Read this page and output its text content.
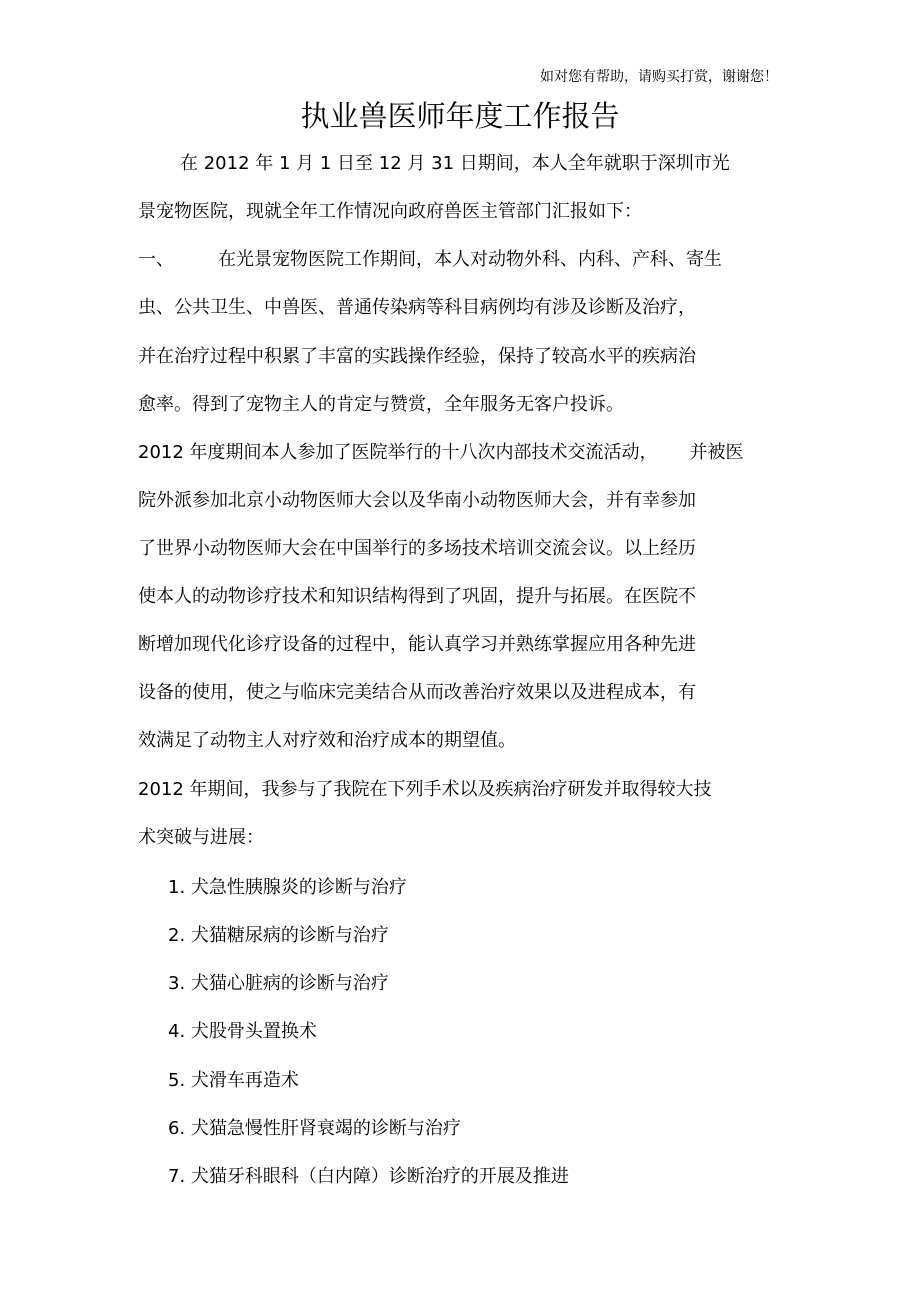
如对您有帮助，请购买打赏，谢谢您！
执业兽医师年度工作报告

在 2012 年 1 月 1 日至 12 月 31 日期间，本人全年就职于深圳市光

景宠物医院，现就全年工作情况向政府兽医主管部门汇报如下：

一、 在光景宠物医院工作期间，本人对动物外科、内科、产科、寄生

虫、公共卫生、中兽医、普通传染病等科目病例均有涉及诊断及治疗，

并在治疗过程中积累了丰富的实践操作经验，保持了较高水平的疾病治

愈率。得到了宠物主人的肯定与赞赏，全年服务无客户投诉。

2012 年度期间本人参加了医院举行的十八次内部技术交流活动， 并被医

院外派参加北京小动物医师大会以及华南小动物医师大会，并有幸参加

了世界小动物医师大会在中国举行的多场技术培训交流会议。以上经历

使本人的动物诊疗技术和知识结构得到了巩固，提升与拓展。在医院不

断增加现代化诊疗设备的过程中，能认真学习并熟练掌握应用各种先进

设备的使用，使之与临床完美结合从而改善治疗效果以及进程成本，有

效满足了动物主人对疗效和治疗成本的期望值。

2012 年期间，我参与了我院在下列手术以及疾病治疗研发并取得较大技

术突破与进展：

1. 犬急性胰腺炎的诊断与治疗

2. 犬猫糖尿病的诊断与治疗

3. 犬猫心脏病的诊断与治疗

4. 犬股骨头置换术

5. 犬滑车再造术

6. 犬猫急慢性肝肾衰竭的诊断与治疗

7. 犬猫牙科眼科（白内障）诊断治疗的开展及推进
